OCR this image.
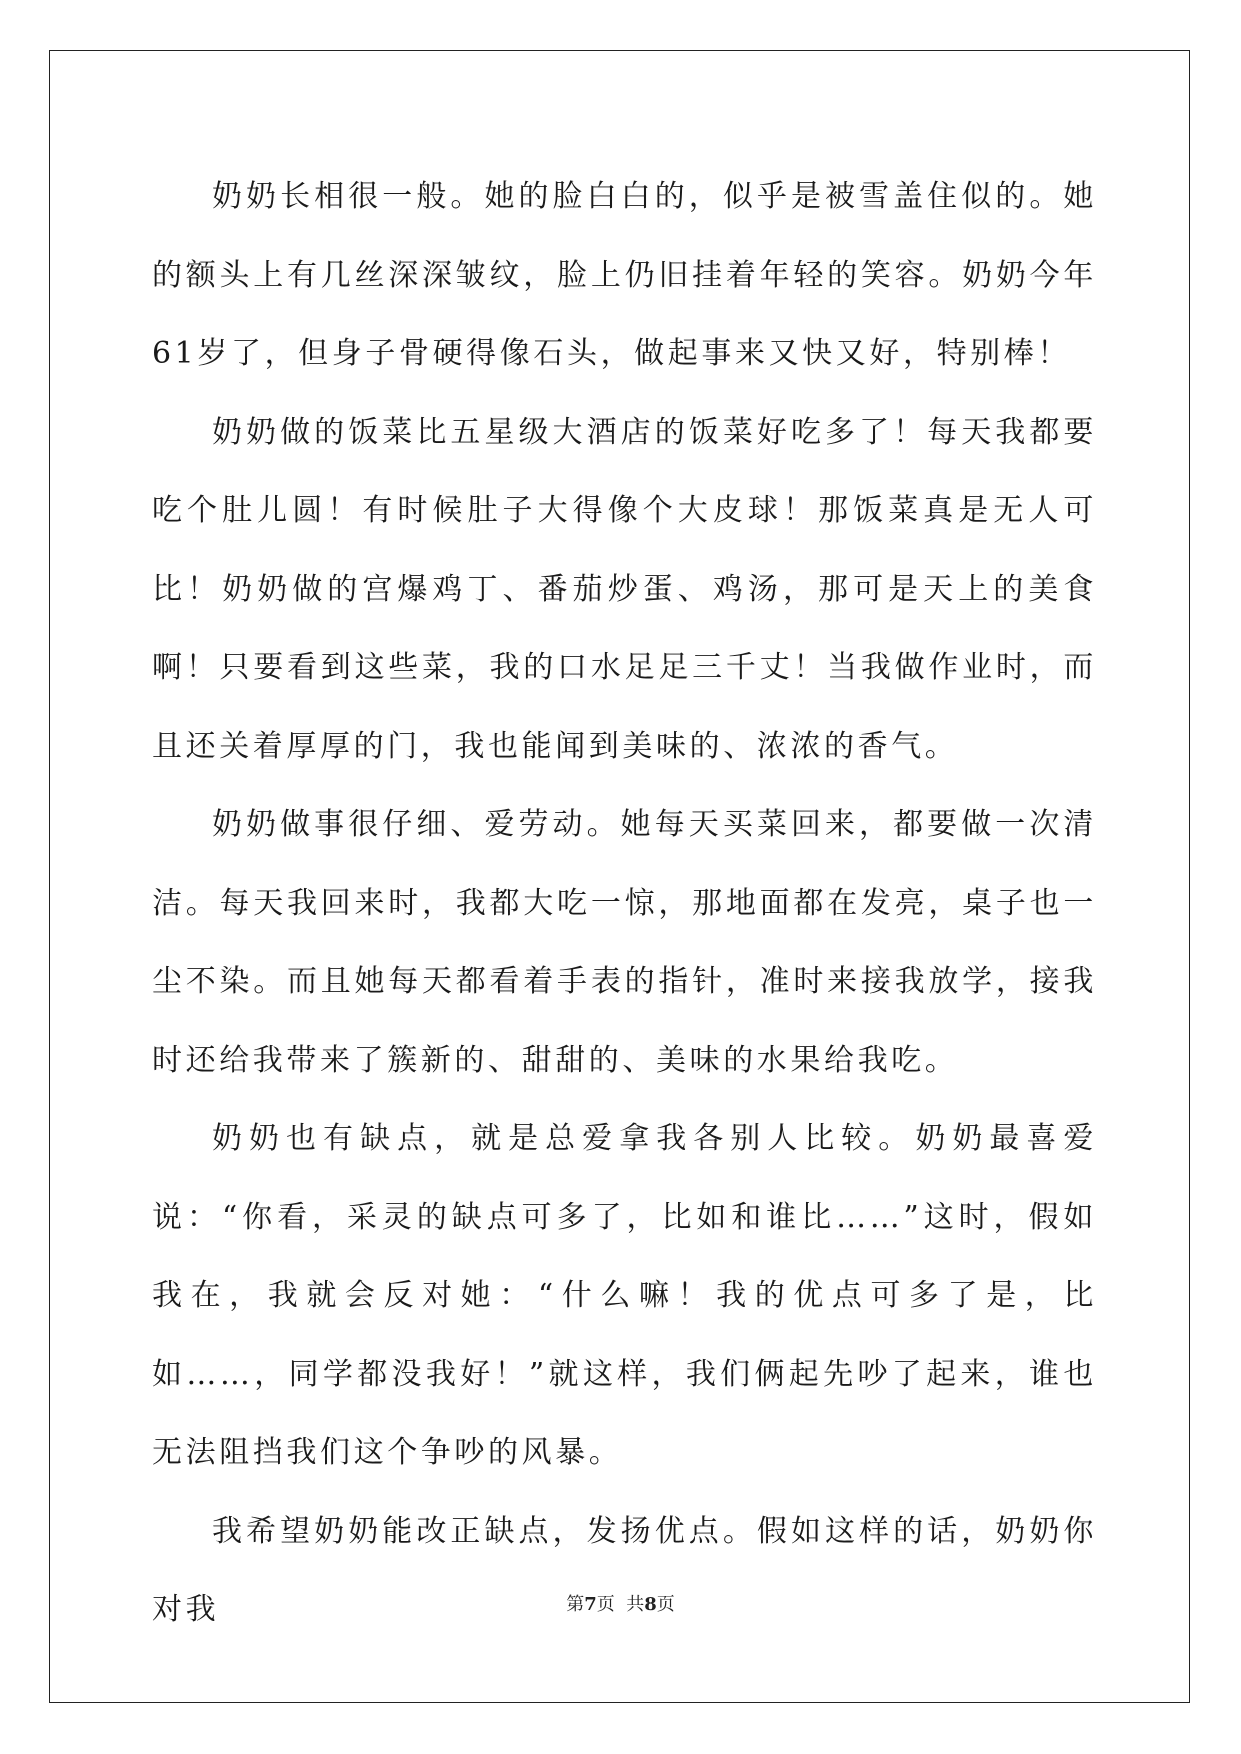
奶奶长相很一般。她的脸白白的，似乎是被雪盖住似的。她的额头上有几丝深深皱纹，脸上仍旧挂着年轻的笑容。奶奶今年61岁了，但身子骨硬得像石头，做起事来又快又好，特别棒！

奶奶做的饭菜比五星级大酒店的饭菜好吃多了！每天我都要吃个肚儿圆！有时候肚子大得像个大皮球！那饭菜真是无人可比！奶奶做的宫爆鸡丁、番茄炒蛋、鸡汤，那可是天上的美食啊！只要看到这些菜，我的口水足足三千丈！当我做作业时，而且还关着厚厚的门，我也能闻到美味的、浓浓的香气。

奶奶做事很仔细、爱劳动。她每天买菜回来，都要做一次清洁。每天我回来时，我都大吃一惊，那地面都在发亮，桌子也一尘不染。而且她每天都看着手表的指针，准时来接我放学，接我时还给我带来了簇新的、甜甜的、美味的水果给我吃。

奶奶也有缺点，就是总爱拿我各别人比较。奶奶最喜爱说：“你看，采灵的缺点可多了，比如和谁比……”这时，假如我在，我就会反对她：“什么嘛！我的优点可多了是，比如……，同学都没我好！”就这样，我们俩起先吵了起来，谁也无法阻挡我们这个争吵的风暴。

我希望奶奶能改正缺点，发扬优点。假如这样的话，奶奶你对我	第7页  共8页
